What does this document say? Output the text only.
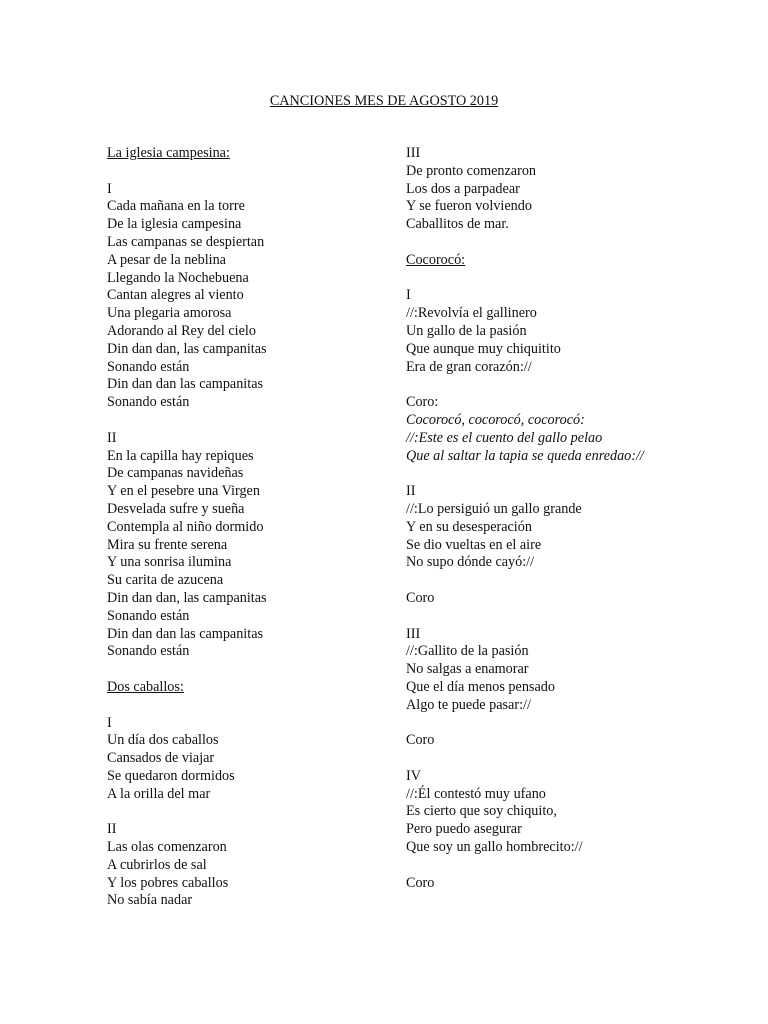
CANCIONES MES DE AGOSTO 2019
La iglesia campesina:
I
Cada mañana en la torre
De la iglesia campesina
Las campanas se despiertan
A pesar de la neblina
Llegando la Nochebuena
Cantan alegres al viento
Una plegaria amorosa
Adorando al Rey del cielo
Din dan dan, las campanitas
Sonando están
Din dan dan las campanitas
Sonando están
II
En la capilla hay repiques
De campanas navideñas
Y en el pesebre una Virgen
Desvelada sufre y sueña
Contempla al niño dormido
Mira su frente serena
Y una sonrisa ilumina
Su carita de azucena
Din dan dan, las campanitas
Sonando están
Din dan dan las campanitas
Sonando están
Dos caballos:
I
Un día dos caballos
Cansados de viajar
Se quedaron dormidos
A la orilla del mar
II
Las olas comenzaron
A cubrirlos de sal
Y los pobres caballos
No sabía nadar
III
De pronto comenzaron
Los dos a parpadear
Y se fueron volviendo
Caballitos de mar.
Cocorocó:
I
//:Revolvía el gallinero
Un gallo de la pasión
Que aunque muy chiquitito
Era de gran corazón://
Coro:
Cocorocó, cocorocó, cocorocó:
//:Este es el cuento del gallo pelao
Que al saltar la tapia se queda enredao://
II
//:Lo persiguió un gallo grande
Y en su desesperación
Se dio vueltas en el aire
No supo dónde cayó://
Coro
III
//:Gallito de la pasión
No salgas a enamorar
Que el día menos pensado
Algo te puede pasar://
Coro
IV
//:Él contestó muy ufano
Es cierto que soy chiquito,
Pero puedo asegurar
Que soy un gallo hombrecito://
Coro
